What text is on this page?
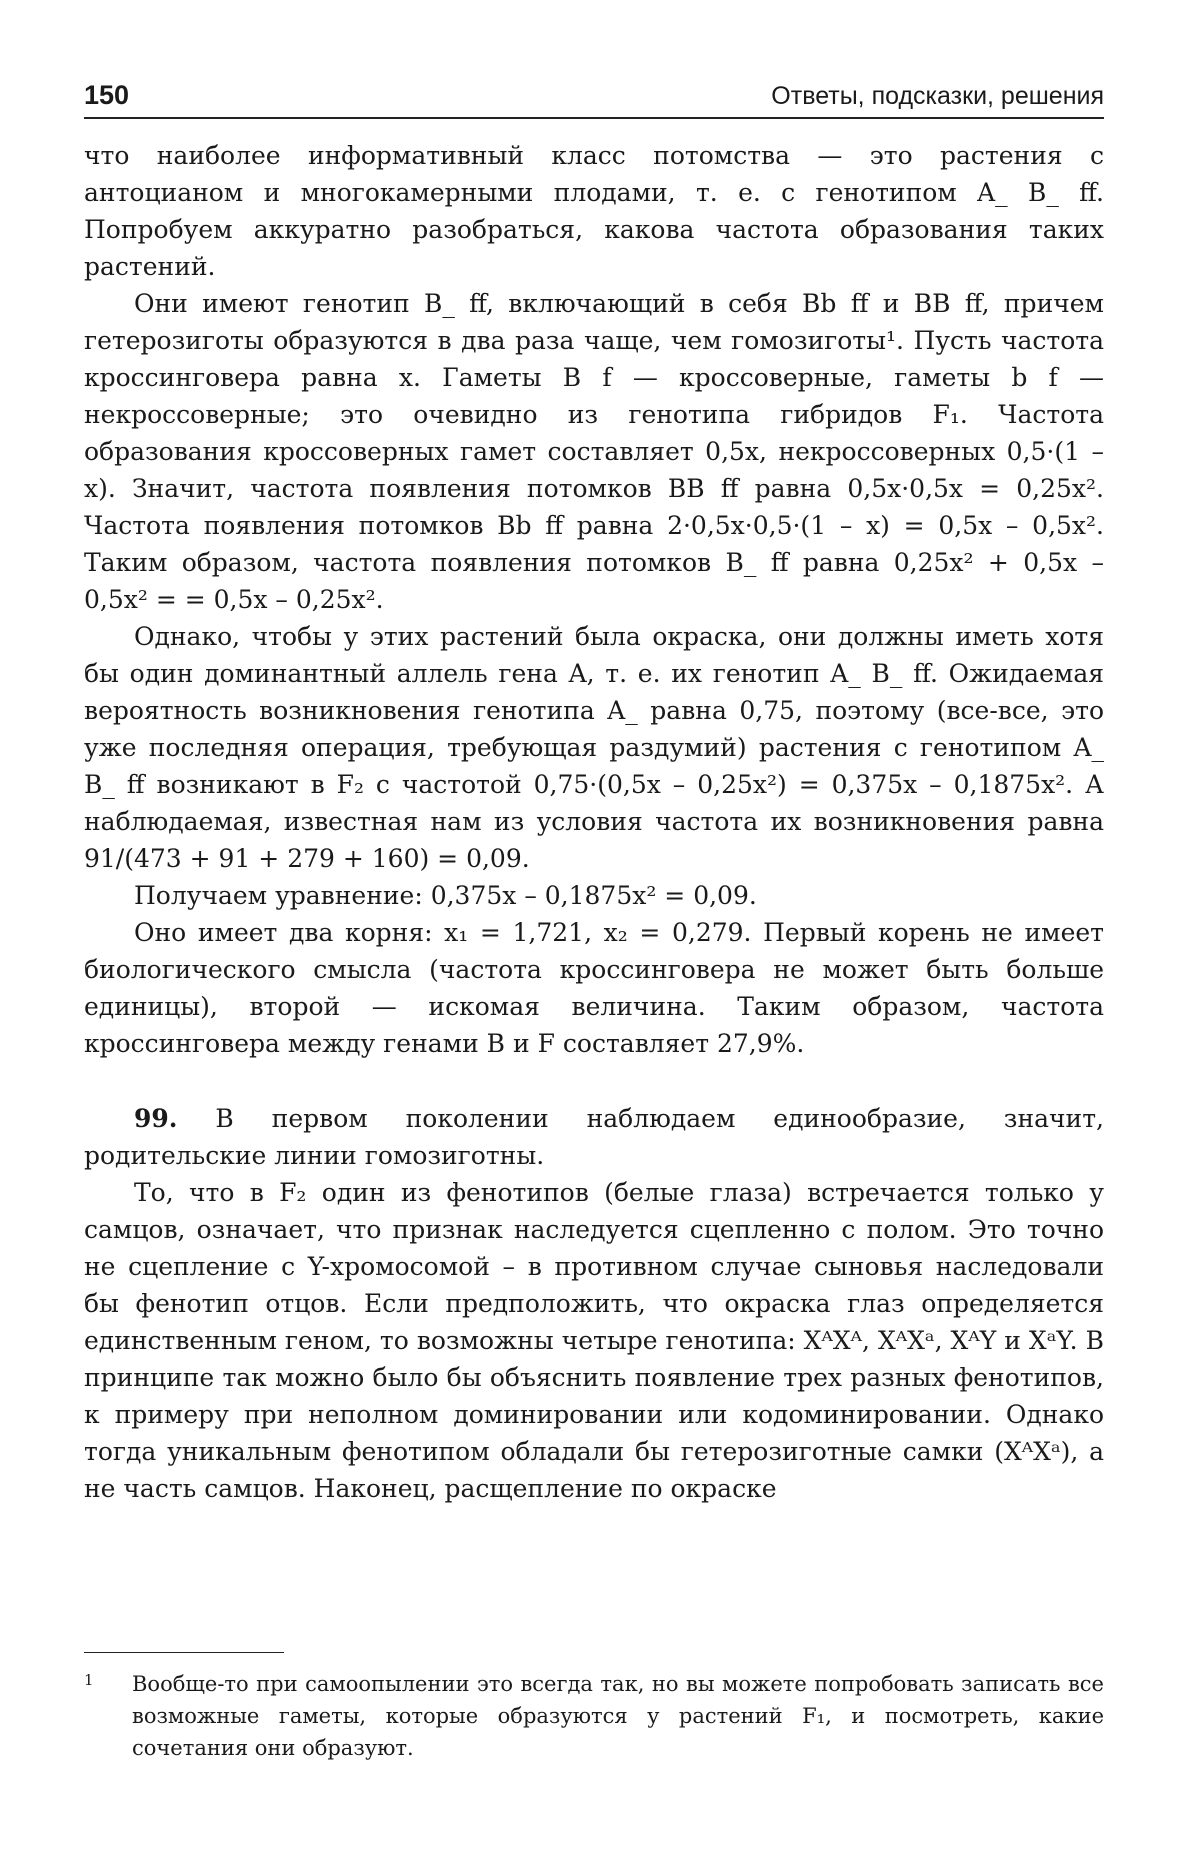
150	Ответы, подсказки, решения

что наиболее информативный класс потомства — это растения с антоцианом и многокамерными плодами, т. е. с генотипом A_ B_ ff. Попробуем аккуратно разобраться, какова частота образования таких растений.

Они имеют генотип B_ ff, включающий в себя Bb ff и BB ff, причем гетерозиготы образуются в два раза чаще, чем гомозиготы¹. Пусть частота кроссинговера равна x. Гаметы B f — кроссоверные, гаметы b f — некроссоверные; это очевидно из генотипа гибридов F₁. Частота образования кроссоверных гамет составляет 0,5x, некроссоверных 0,5·(1 – x). Значит, частота появления потомков BB ff равна 0,5x·0,5x = 0,25x². Частота появления потомков Bb ff равна 2·0,5x·0,5·(1 – x) = 0,5x – 0,5x². Таким образом, частота появления потомков B_ ff равна 0,25x² + 0,5x – 0,5x² = = 0,5x – 0,25x².

Однако, чтобы у этих растений была окраска, они должны иметь хотя бы один доминантный аллель гена A, т. е. их генотип A_ B_ ff. Ожидаемая вероятность возникновения генотипа A_ равна 0,75, поэтому (все-все, это уже последняя операция, требующая раздумий) растения с генотипом A_ B_ ff возникают в F₂ с частотой 0,75·(0,5x – 0,25x²) = 0,375x – 0,1875x². А наблюдаемая, известная нам из условия частота их возникновения равна 91/(473 + 91 + 279 + 160) = 0,09.

Получаем уравнение: 0,375x – 0,1875x² = 0,09.

Оно имеет два корня: x₁ = 1,721, x₂ = 0,279. Первый корень не имеет биологического смысла (частота кроссинговера не может быть больше единицы), второй — искомая величина. Таким образом, частота кроссинговера между генами B и F составляет 27,9%.

99. В первом поколении наблюдаем единообразие, значит, родительские линии гомозиготны.

То, что в F₂ один из фенотипов (белые глаза) встречается только у самцов, означает, что признак наследуется сцепленно с полом. Это точно не сцепление с Y-хромосомой – в противном случае сыновья наследовали бы фенотип отцов. Если предположить, что окраска глаз определяется единственным геном, то возможны четыре генотипа: XᴬXᴬ, XᴬXᵃ, XᴬY и XᵃY. В принципе так можно было бы объяснить появление трех разных фенотипов, к примеру при неполном доминировании или кодоминировании. Однако тогда уникальным фенотипом обладали бы гетерозиготные самки (XᴬXᵃ), а не часть самцов. Наконец, расщепление по окраске

1 Вообще-то при самоопылении это всегда так, но вы можете попробовать записать все возможные гаметы, которые образуются у растений F₁, и посмотреть, какие сочетания они образуют.
